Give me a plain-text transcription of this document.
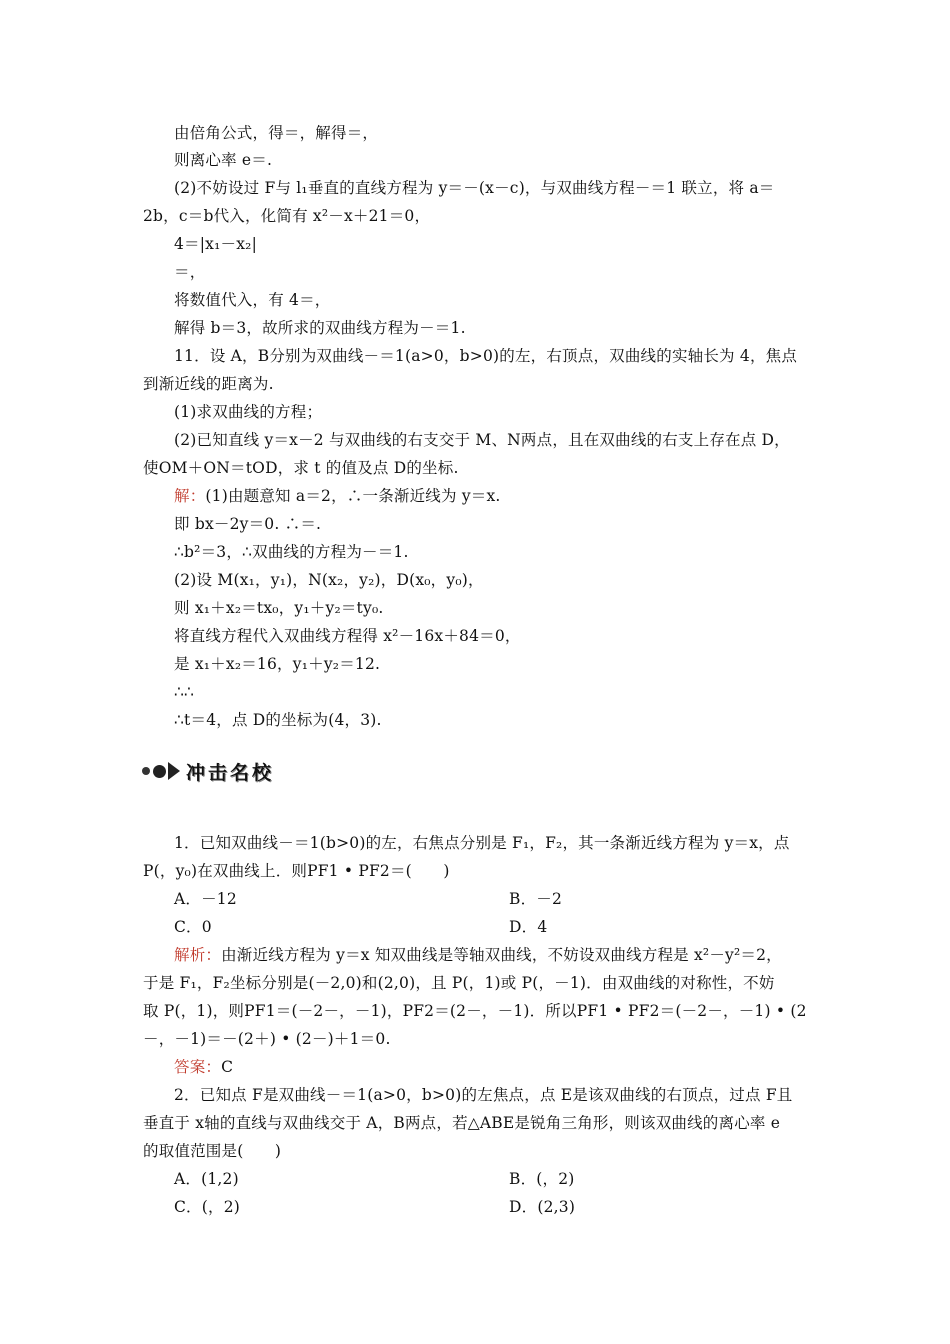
由倍角公式，得＝，解得＝，
则离心率 e＝.
(2)不妨设过 F与 l₁垂直的直线方程为 y＝－(x－c)，与双曲线方程－＝1 联立，将 a＝
2b，c＝b代入，化简有 x²－x＋21＝0，
4＝|x₁－x₂|
＝，
将数值代入，有 4＝，
解得 b＝3，故所求的双曲线方程为－＝1.
11．设 A，B分别为双曲线－＝1(a>0，b>0)的左，右顶点，双曲线的实轴长为 4，焦点
到渐近线的距离为.
(1)求双曲线的方程；
(2)已知直线 y＝x－2 与双曲线的右支交于 M、N两点，且在双曲线的右支上存在点 D，
使OM＋ON＝tOD，求 t 的值及点 D的坐标.
解：(1)由题意知 a＝2，∴一条渐近线为 y＝x.
即 bx－2y＝0. ∴＝.
∴b²＝3，∴双曲线的方程为－＝1.
(2)设 M(x₁，y₁)，N(x₂，y₂)，D(x₀，y₀)，
则 x₁＋x₂＝tx₀，y₁＋y₂＝ty₀.
将直线方程代入双曲线方程得 x²－16x＋84＝0，
是 x₁＋x₂＝16，y₁＋y₂＝12.
∴∴
∴t＝4，点 D的坐标为(4，3).
冲击名校
1．已知双曲线－＝1(b>0)的左，右焦点分别是 F₁，F₂，其一条渐近线方程为 y＝x，点
P(，y₀)在双曲线上．则PF1 • PF2＝(　　)
A．－12	B．－2
C．0	D．4
解析：由渐近线方程为 y＝x 知双曲线是等轴双曲线，不妨设双曲线方程是 x²－y²＝2，
于是 F₁，F₂坐标分别是(－2,0)和(2,0)，且 P(，1)或 P(，－1)．由双曲线的对称性，不妨
取 P(，1)，则PF1＝(－2－，－1)，PF2＝(2－，－1)．所以PF1 • PF2＝(－2－，－1) • (2
－，－1)＝－(2＋) • (2－)＋1＝0.
答案：C
2．已知点 F是双曲线－＝1(a>0，b>0)的左焦点，点 E是该双曲线的右顶点，过点 F且
垂直于 x轴的直线与双曲线交于 A，B两点，若△ABE是锐角三角形，则该双曲线的离心率 e
的取值范围是(　　)
A．(1,2)	B．(，2)
C．(，2)	D．(2,3)
